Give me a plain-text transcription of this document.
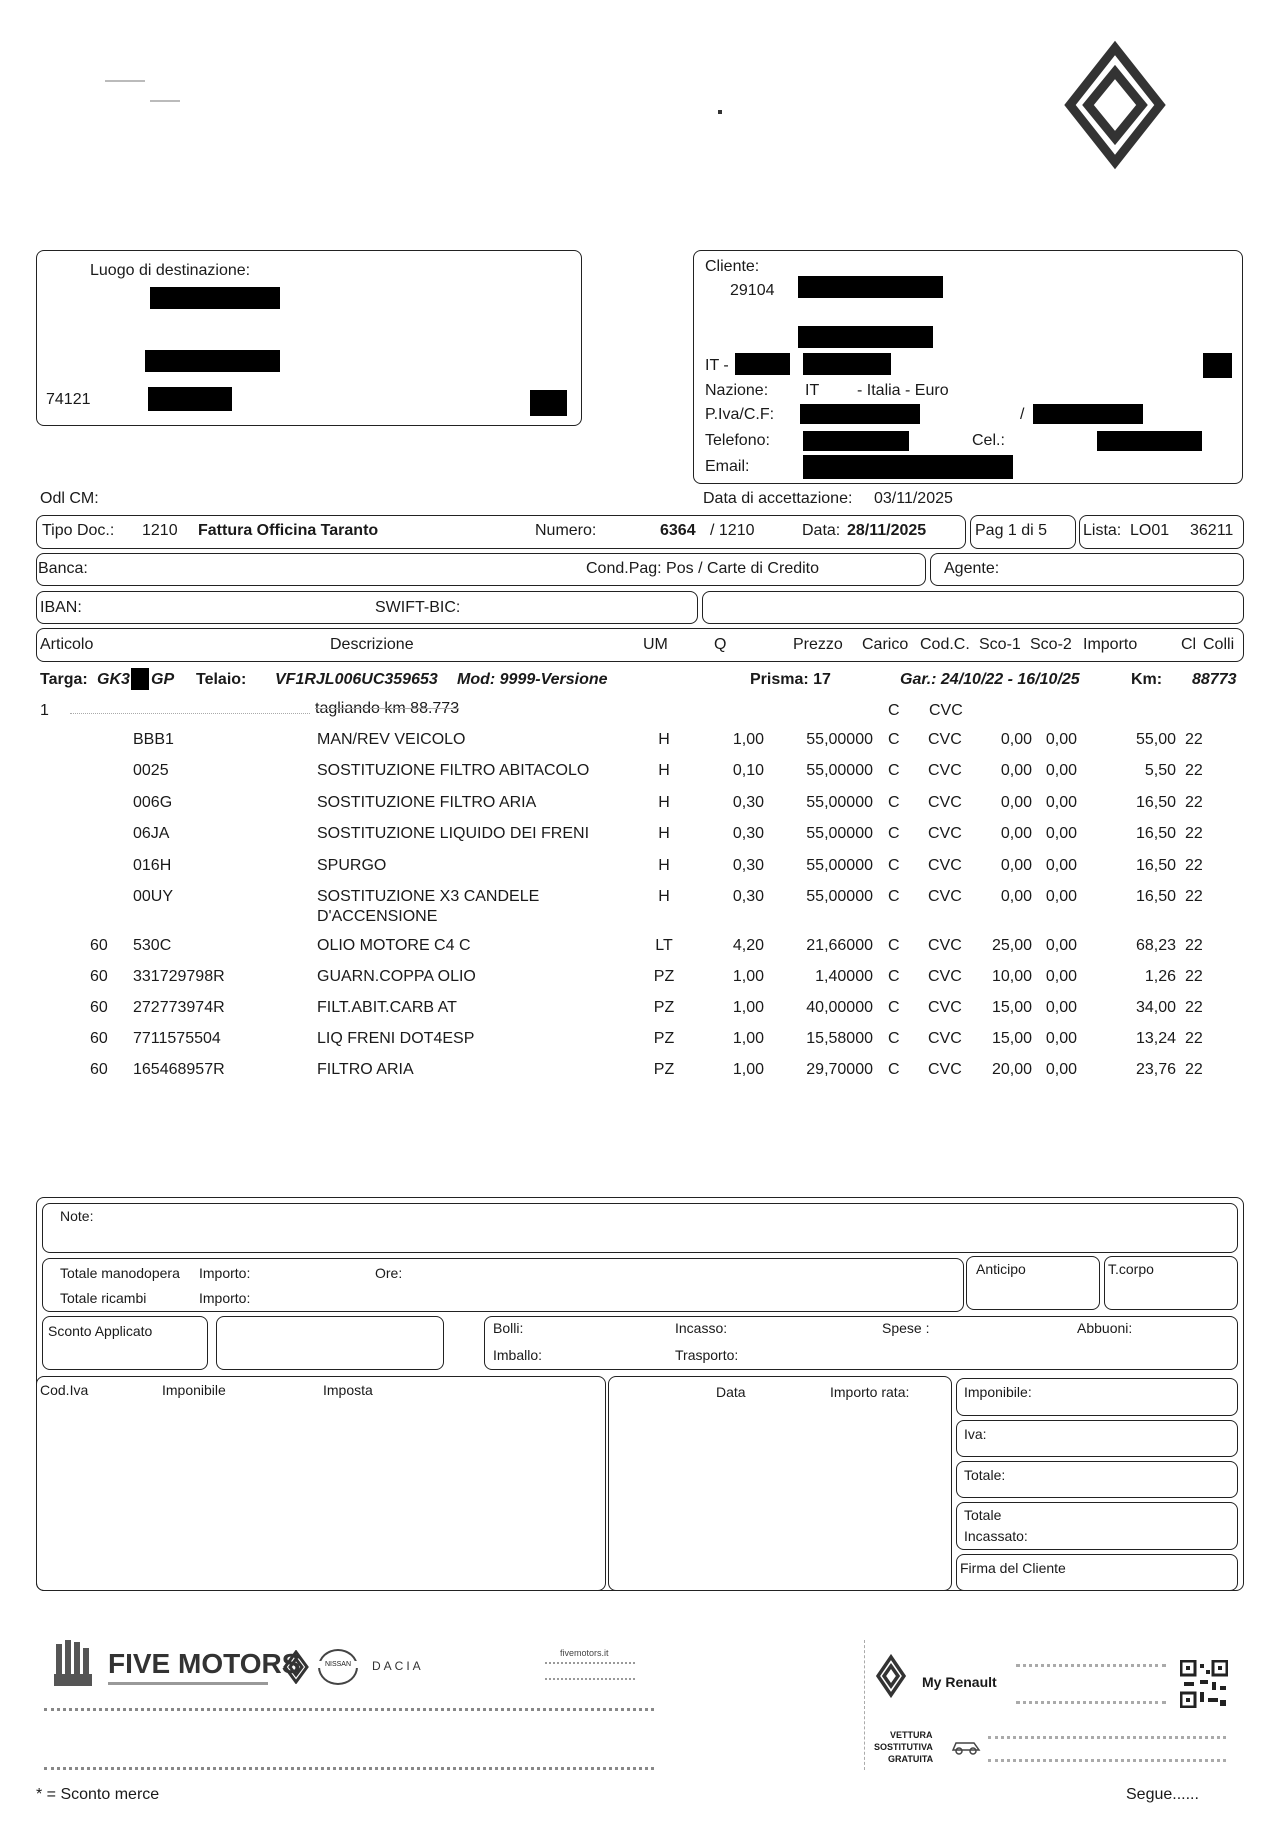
Luogo di destinazione:
74121
Cliente:
29104
IT -
Nazione: IT - Italia - Euro
P.Iva/C.F:	/
Telefono:	Cel.:
Email:
Odl CM:	Data di accettazione: 03/11/2025
Tipo Doc.: 1210 Fattura Officina Taranto	Numero:	6364 / 1210	Data: 28/11/2025	Pag 1 di 5 Lista: LO01 36211
Banca:	Cond.Pag: Pos / Carte di Credito	Agente:
IBAN:	SWIFT-BIC:
Articolo	Descrizione	UM	Q	Prezzo Carico Cod.C. Sco-1 Sco-2 Importo	Cl Colli
Targa: GK3 GP Telaio: VF1RJL006UC359653 Mod: 9999-Versione	Prisma: 17	Gar.: 24/10/22 - 16/10/25	Km: 88773
1	tagliando km 88.773	C CVC
BBB1	MAN/REV VEICOLO	H	1,00	55,00000 C	CVC	0,00 0,00	55,00 22
0025	SOSTITUZIONE FILTRO ABITACOLO	H	0,10	55,00000 C	CVC	0,00 0,00	5,50 22
006G	SOSTITUZIONE FILTRO ARIA	H	0,30	55,00000 C	CVC	0,00 0,00	16,50 22
06JA	SOSTITUZIONE LIQUIDO DEI FRENI	H	0,30	55,00000 C	CVC	0,00 0,00	16,50 22
016H	SPURGO	H	0,30	55,00000 C	CVC	0,00 0,00	16,50 22
00UY	SOSTITUZIONE X3 CANDELE	H	0,30	55,00000 C	CVC	0,00 0,00	16,50 22
D'ACCENSIONE
60	530C	OLIO MOTORE C4 C	LT	4,20	21,66000 C	CVC	25,00 0,00	68,23 22
60	331729798R	GUARN.COPPA OLIO	PZ	1,00	1,40000 C	CVC	10,00 0,00	1,26 22
60	272773974R	FILT.ABIT.CARB AT	PZ	1,00	40,00000 C	CVC	15,00 0,00	34,00 22
60	7711575504	LIQ FRENI DOT4ESP	PZ	1,00	15,58000 C	CVC	15,00 0,00	13,24 22
60	165468957R	FILTRO ARIA	PZ	1,00	29,70000 C	CVC	20,00 0,00	23,76 22
Note:
Totale manodopera Importo:	Ore:
Totale ricambi	Importo:
Anticipo	T.corpo
Sconto Applicato	Bolli:	Incasso:	Spese :	Abbuoni:
Imballo:	Trasporto:
Cod.Iva	Imponibile	Imposta	Data	Importo rata:	Imponibile:
Iva:
Totale:
Totale
Incassato:
Firma del Cliente
FIVE MOTORS	NISSAN	DACIA
fivemotors.it
My Renault
VETTURA
SOSTITUTIVA
GRATUITA
* = Sconto merce	Segue......
